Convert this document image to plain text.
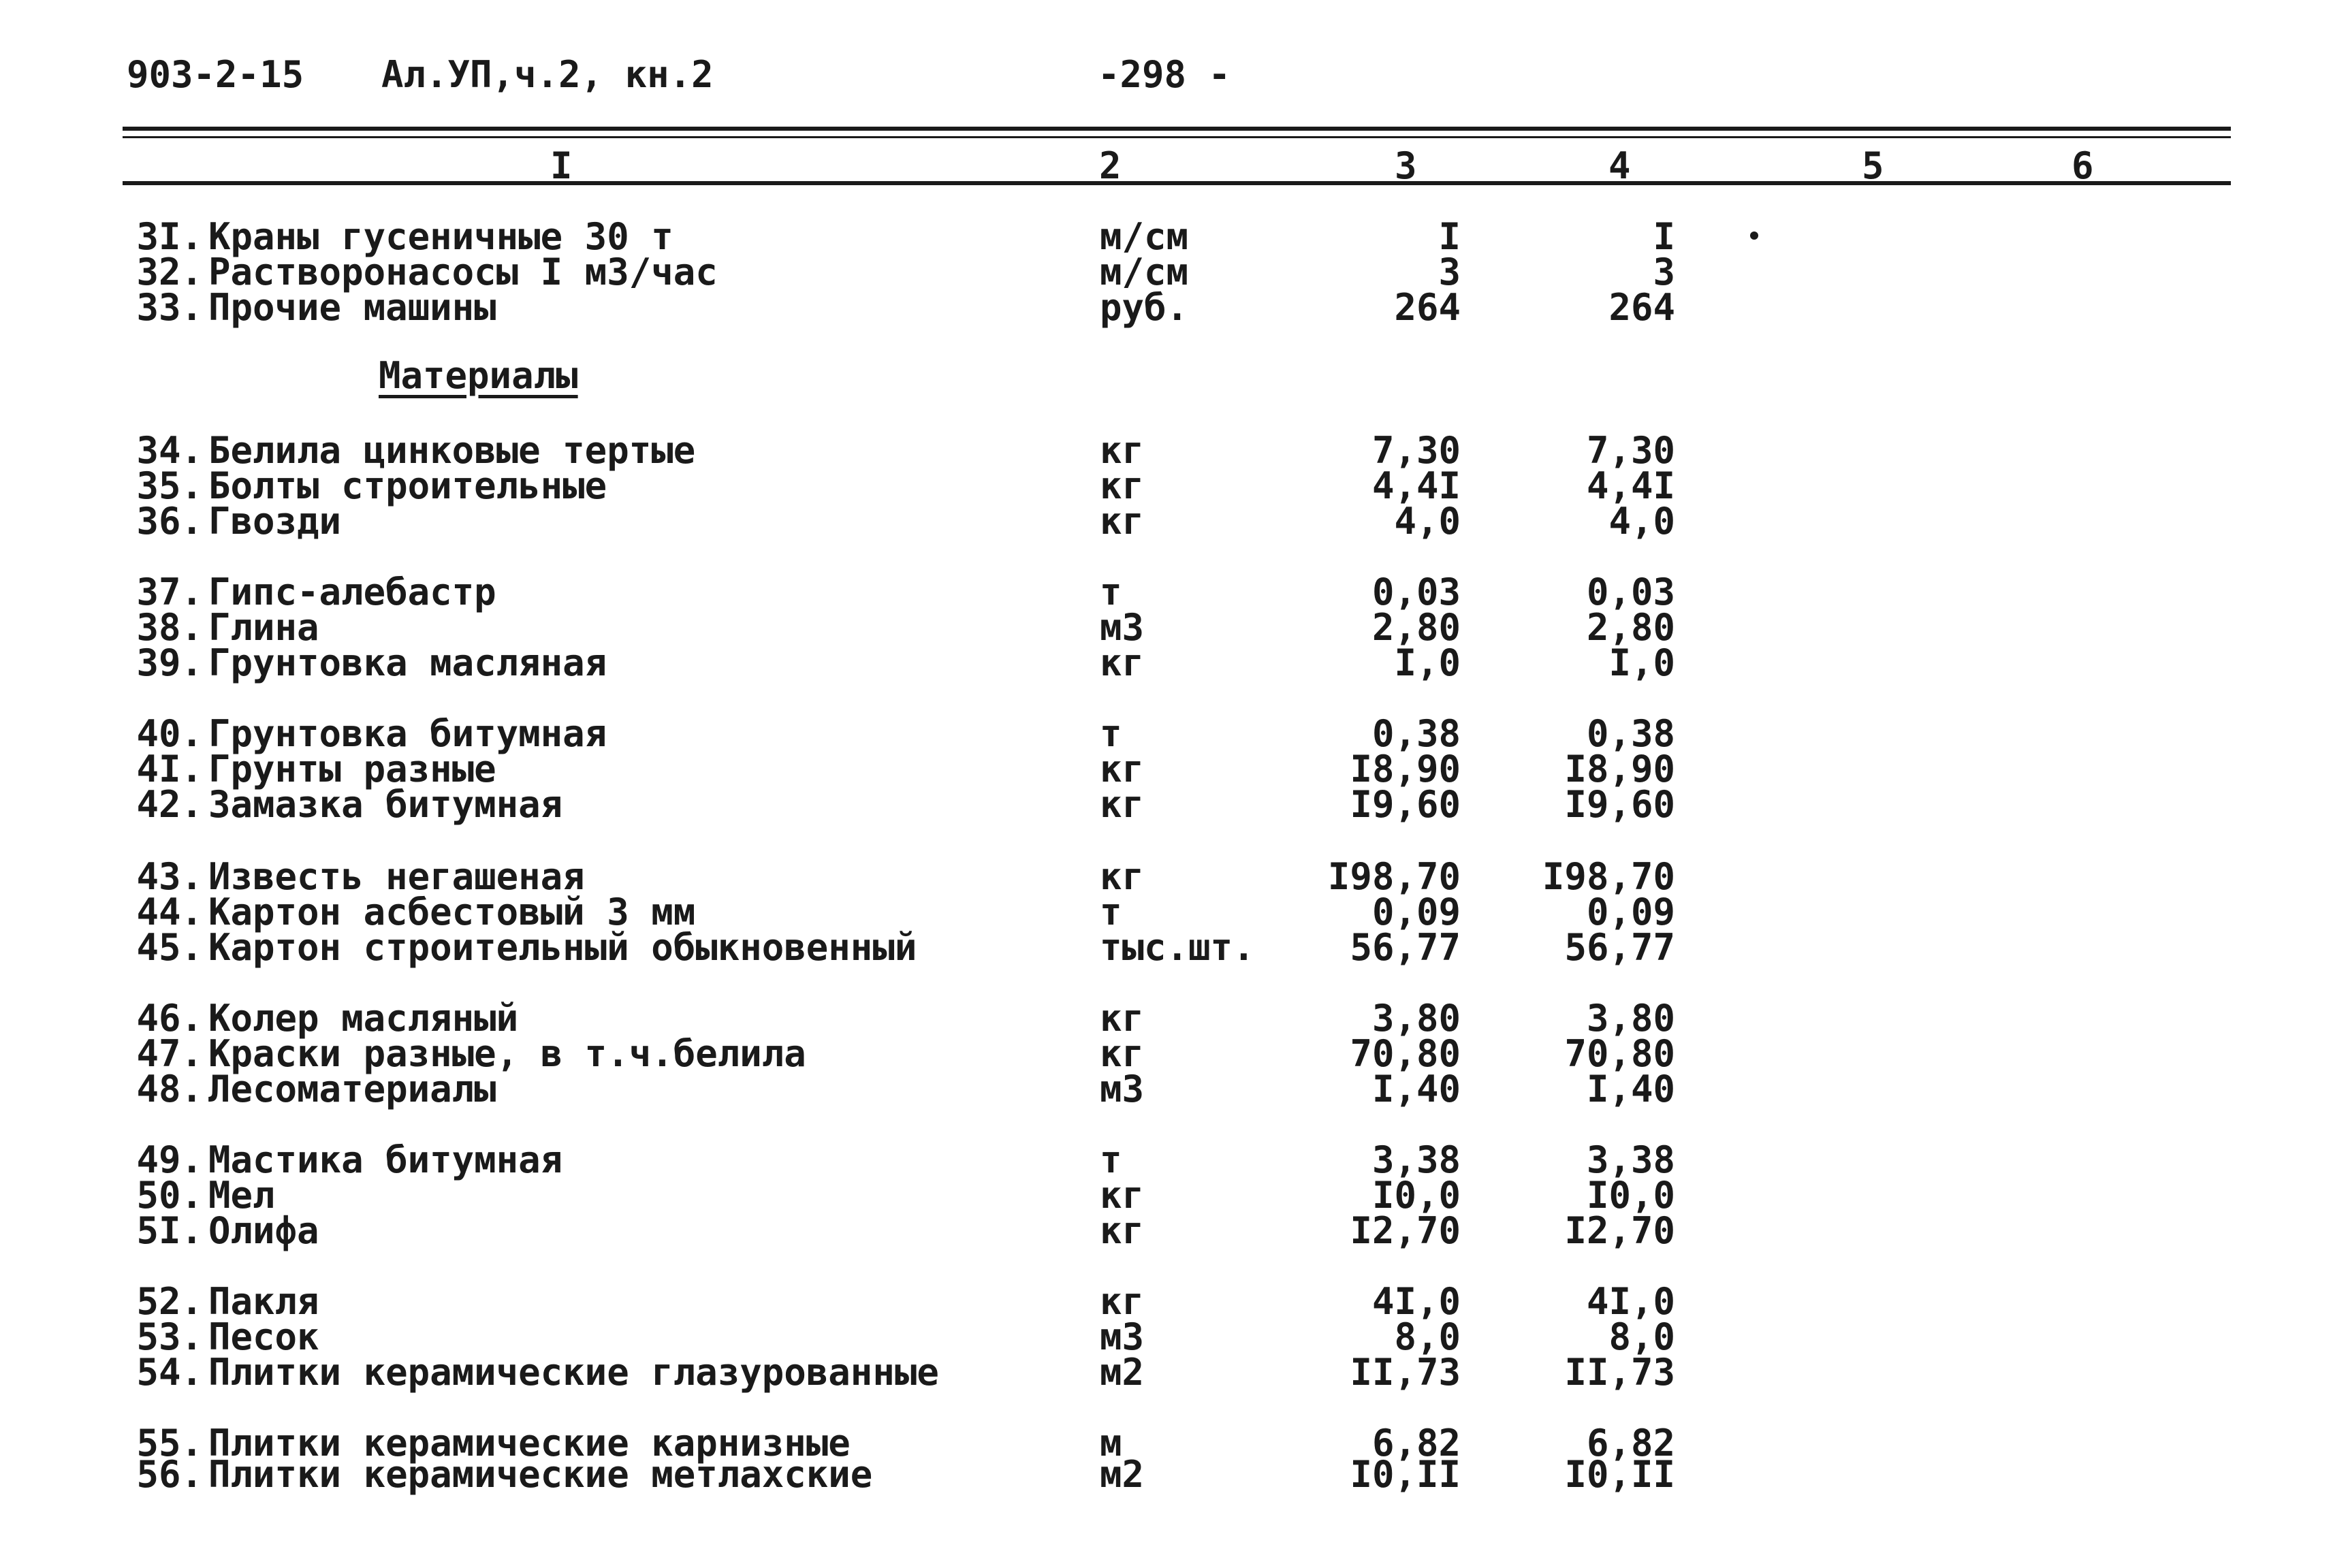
903-2-15 Ал.УП,ч.2, кн.2	-298 -
I	2	3	4	5	6
Материалы
3I. Краны гусеничные 30 т	м/см	I	I
32. Растворонасосы I м3/час	м/см	3	3
33. Прочие машины	руб.	264	264
34. Белила цинковые тертые	кг	7,30	7,30
35. Болты строительные	кг	4,4I	4,4I
36. Гвозди	кг	4,0	4,0
37. Гипс-алебастр	т	0,03	0,03
38. Глина	м3	2,80	2,80
39. Грунтовка масляная	кг	I,0	I,0
40. Грунтовка битумная	т	0,38	0,38
4I. Грунты разные	кг	I8,90	I8,90
42. Замазка битумная	кг	I9,60	I9,60
43. Известь негашеная	кг	I98,70	I98,70
44. Картон асбестовый 3 мм	т	0,09	0,09
45. Картон строительный обыкновенный	тыс.шт.	56,77	56,77
46. Колер масляный	кг	3,80	3,80
47. Краски разные, в т.ч.белила	кг	70,80	70,80
48. Лесоматериалы	м3	I,40	I,40
49. Мастика битумная	т	3,38	3,38
50. Мел	кг	I0,0	I0,0
5I. Олифа	кг	I2,70	I2,70
52. Пакля	кг	4I,0	4I,0
53. Песок	м3	8,0	8,0
54. Плитки керамические глазурованные	м2	II,73	II,73
55. Плитки керамические карнизные	м	6,82	6,82
56. Плитки керамические метлахские	м2	I0,II	I0,II
